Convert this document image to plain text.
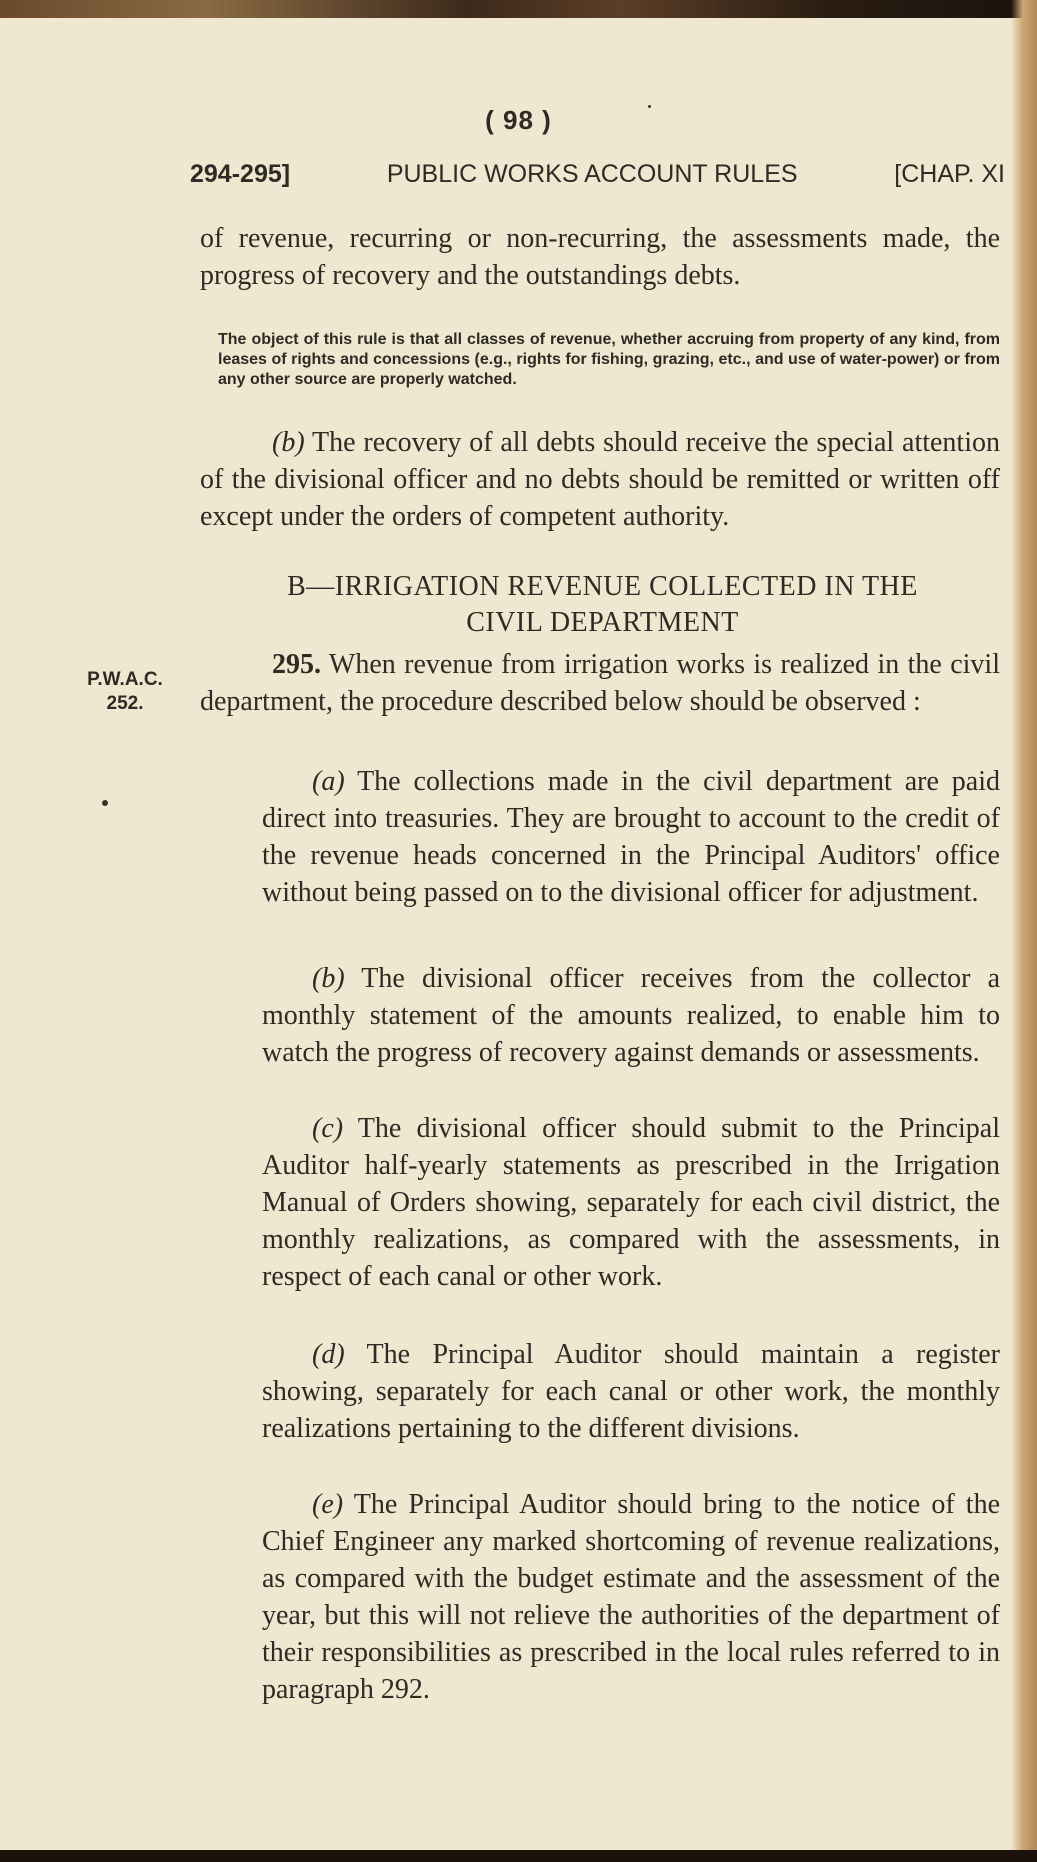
( 98 )
294-295]	PUBLIC WORKS ACCOUNT RULES	[CHAP. XI
of revenue, recurring or non-recurring, the assessments made, the progress of recovery and the outstandings debts.
The object of this rule is that all classes of revenue, whether accruing from property of any kind, from leases of rights and concessions (e.g., rights for fishing, grazing, etc., and use of water-power) or from any other source are properly watched.
(b) The recovery of all debts should receive the special attention of the divisional officer and no debts should be remitted or written off except under the orders of competent authority.
B—IRRIGATION REVENUE COLLECTED IN THE
CIVIL DEPARTMENT
P.W.A.C.
252.
295. When revenue from irrigation works is realized in the civil department, the procedure described below should be observed :
(a) The collections made in the civil department are paid direct into treasuries. They are brought to account to the credit of the revenue heads concerned in the Principal Auditors' office without being passed on to the divisional officer for adjustment.
(b) The divisional officer receives from the collector a monthly statement of the amounts realized, to enable him to watch the progress of recovery against demands or assessments.
(c) The divisional officer should submit to the Principal Auditor half-yearly statements as prescribed in the Irrigation Manual of Orders showing, separately for each civil district, the monthly realizations, as compared with the assessments, in respect of each canal or other work.
(d) The Principal Auditor should maintain a register showing, separately for each canal or other work, the monthly realizations pertaining to the different divisions.
(e) The Principal Auditor should bring to the notice of the Chief Engineer any marked shortcoming of revenue realizations, as compared with the budget estimate and the assessment of the year, but this will not relieve the authorities of the department of their responsibilities as prescribed in the local rules referred to in paragraph 292.
